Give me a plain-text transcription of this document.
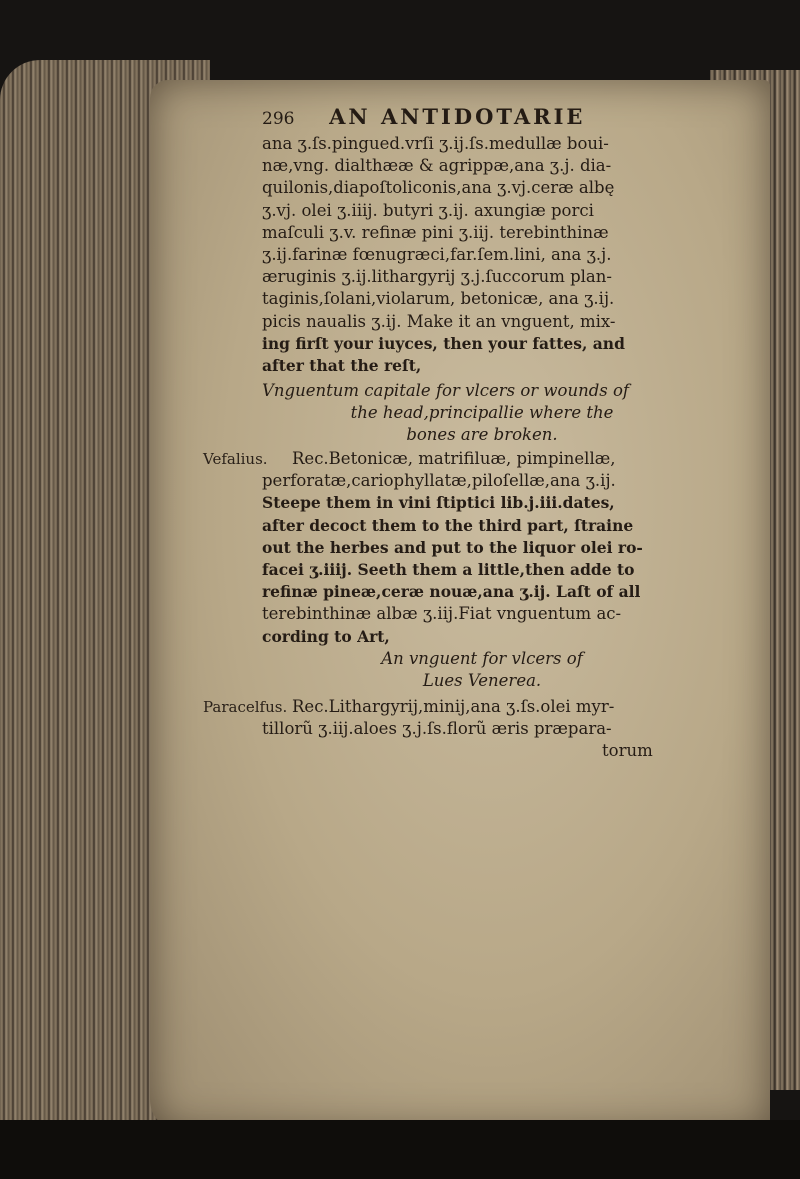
296 AN ANTIDOTARIE
ana ʒ.ſs.pingued.vrſi ʒ.ij.ſs.medullæ boui-
næ,vng. dialthææ & agrippæ,ana ʒ.j. dia-
quilonis,diapoſtoliconis,ana ʒ.vj.ceræ albę
ʒ.vj. olei ʒ.iiij. butyri ʒ.ij. axungiæ porci
maſculi ʒ.v. refinæ pini ʒ.iij. terebinthinæ
ʒ.ij.farinæ fœnugræci,far.ſem.lini, ana ʒ.j.
æruginis ʒ.ij.lithargyrij ʒ.j.ſuccorum plan-
taginis,ſolani,violarum, betonicæ, ana ʒ.ij.
picis naualis ʒ.ij. Make it an vnguent, mix-
ing firſt your iuyces, then your fattes, and
after that the reſt,
Vnguentum capitale for vlcers or wounds of
the head,principallie where the
bones are broken.
Vefalius.	Rec.Betonicæ, matrifiluæ, pimpinellæ,
perforatæ,cariophyllatæ,piloſellæ,ana ʒ.ij.
Steepe them in vini ſtiptici lib.j.iii.dates,
after decoct them to the third part, ſtraine
out the herbes and put to the liquor olei ro-
facei ʒ.iiij. Seeth them a little,then adde to
refinæ pineæ,ceræ nouæ,ana ʒ.ij. Laſt of all
terebinthinæ albæ ʒ.iij.Fiat vnguentum ac-
cording to Art,
An vnguent for vlcers of
Lues Venerea.
Paracelfus. Rec.Lithargyrij,minij,ana ʒ.ſs.olei myr-
tillorũ ʒ.iij.aloes ʒ.j.ſs.florũ æris præpara-
torum
